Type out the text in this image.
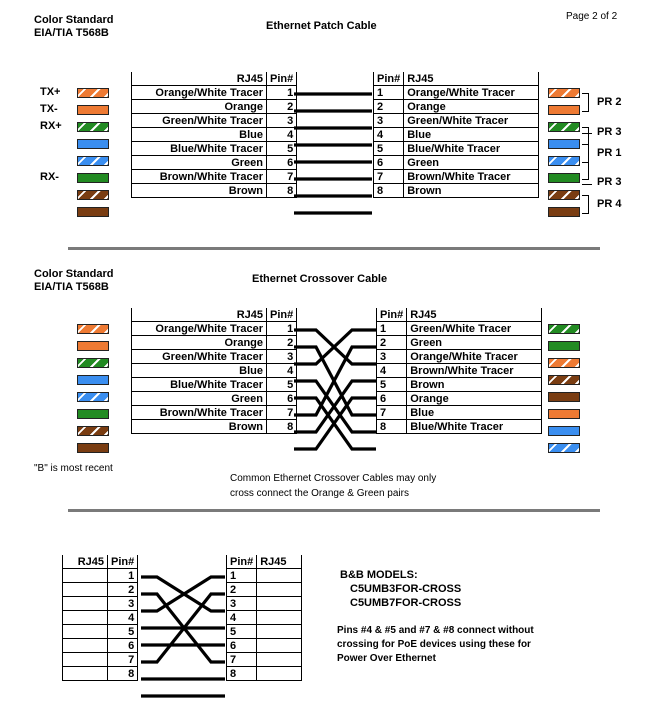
Color Standard
EIA/TIA T568B
Ethernet Patch Cable
Page 2 of 2
RJ45	Pin#
Orange/White Tracer	1
Orange	2
Green/White Tracer	3
Blue	4
Blue/White Tracer	5
Green	6
Brown/White Tracer	7
Brown	8
Pin#	RJ45
1	Orange/White Tracer
2	Orange
3	Green/White Tracer
4	Blue
5	Blue/White Tracer
6	Green
7	Brown/White Tracer
8	Brown
TX+
TX-
RX+
RX-
PR 2
PR 3
PR 1
PR 3
PR 4
Color Standard
EIA/TIA T568B
Ethernet Crossover Cable
RJ45	Pin#
Orange/White Tracer	1
Orange	2
Green/White Tracer	3
Blue	4
Blue/White Tracer	5
Green	6
Brown/White Tracer	7
Brown	8
Pin#	RJ45
1	Green/White Tracer
2	Green
3	Orange/White Tracer
4	Brown/White Tracer
5	Brown
6	Orange
7	Blue
8	Blue/White Tracer
"B" is most recent
Common Ethernet Crossover Cables may only
cross connect the Orange & Green pairs
RJ45	Pin#
	1
	2
	3
	4
	5
	6
	7
	8
Pin#	RJ45
1	
2	
3	
4	
5	
6	
7	
8	
B&B MODELS:
C5UMB3FOR-CROSS
C5UMB7FOR-CROSS
Pins #4 & #5 and #7 & #8 connect without
crossing for PoE devices using these for
Power Over Ethernet
